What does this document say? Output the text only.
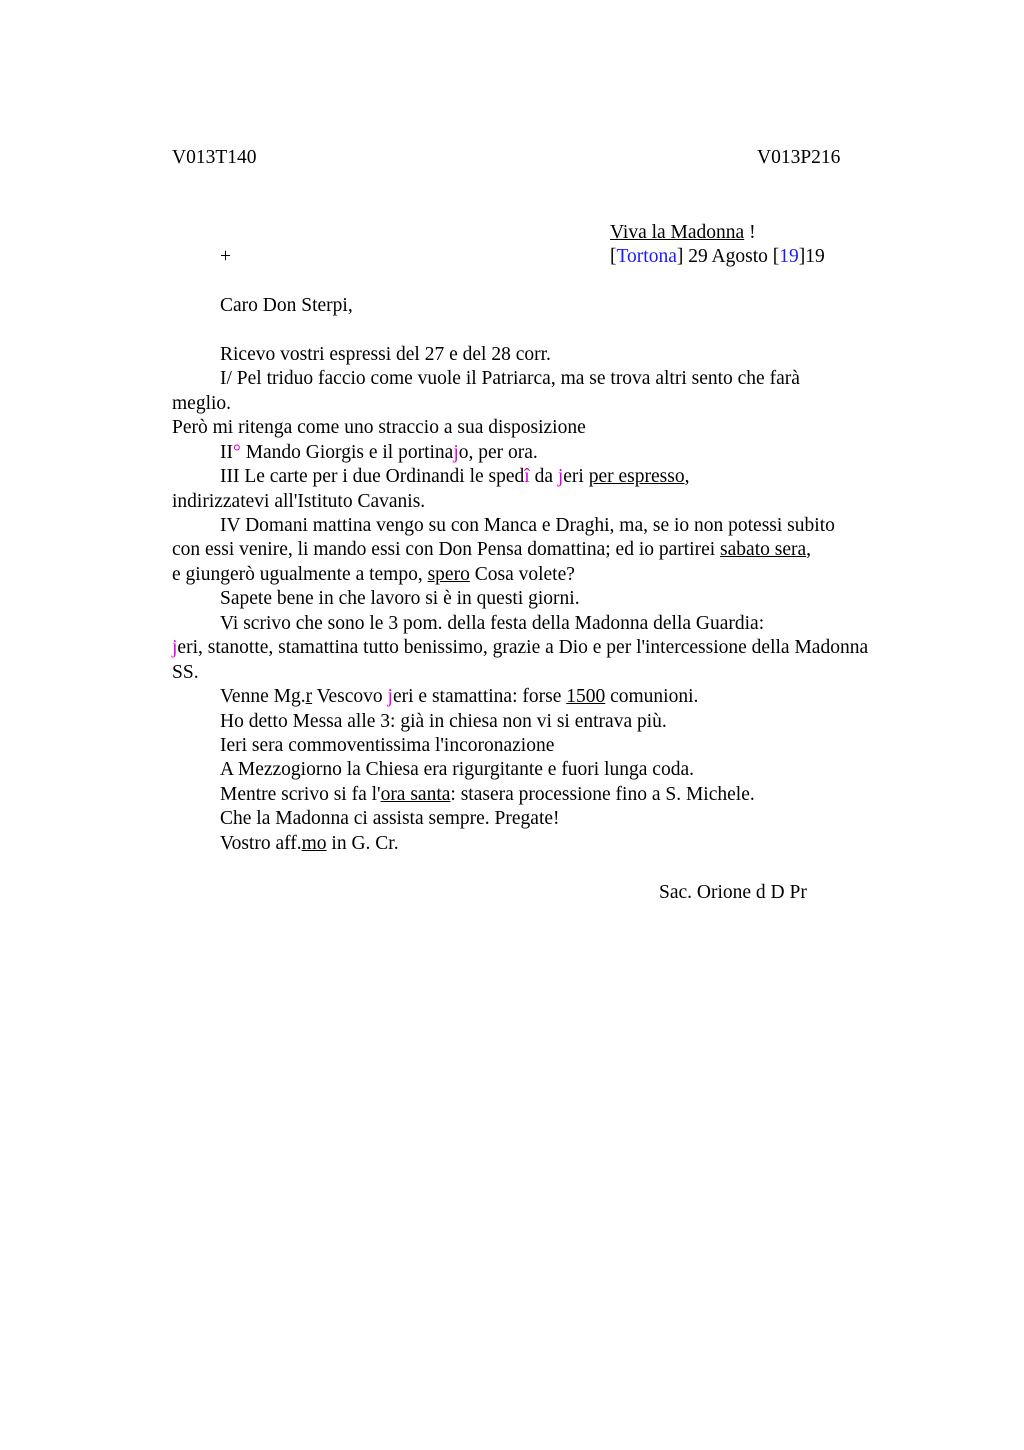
V013T140	V013P216
Viva la Madonna !
+	[Tortona] 29 Agosto [19]19
Caro Don Sterpi,
Ricevo vostri espressi del 27 e del 28 corr.
I/ Pel triduo faccio come vuole il Patriarca, ma se trova altri sento che farà
meglio.
Però mi ritenga come uno straccio a sua disposizione
II° Mando Giorgis e il portinajo, per ora.
III Le carte per i due Ordinandi le spedî da jeri per espresso,
indirizzatevi all'Istituto Cavanis.
IV Domani mattina vengo su con Manca e Draghi, ma, se io non potessi subito
con essi venire, li mando essi con Don Pensa domattina; ed io partirei sabato sera,
e giungerò ugualmente a tempo, spero Cosa volete?
Sapete bene in che lavoro si è in questi giorni.
Vi scrivo che sono le 3 pom. della festa della Madonna della Guardia:
jeri, stanotte, stamattina tutto benissimo, grazie a Dio e per l'intercessione della Madonna
SS.
Venne Mg.r Vescovo jeri e stamattina: forse 1500 comunioni.
Ho detto Messa alle 3: già in chiesa non vi si entrava più.
Ieri sera commoventissima l'incoronazione
A Mezzogiorno la Chiesa era rigurgitante e fuori lunga coda.
Mentre scrivo si fa l'ora santa: stasera processione fino a S. Michele.
Che la Madonna ci assista sempre. Pregate!
Vostro aff.mo in G. Cr.
Sac. Orione d D Pr
